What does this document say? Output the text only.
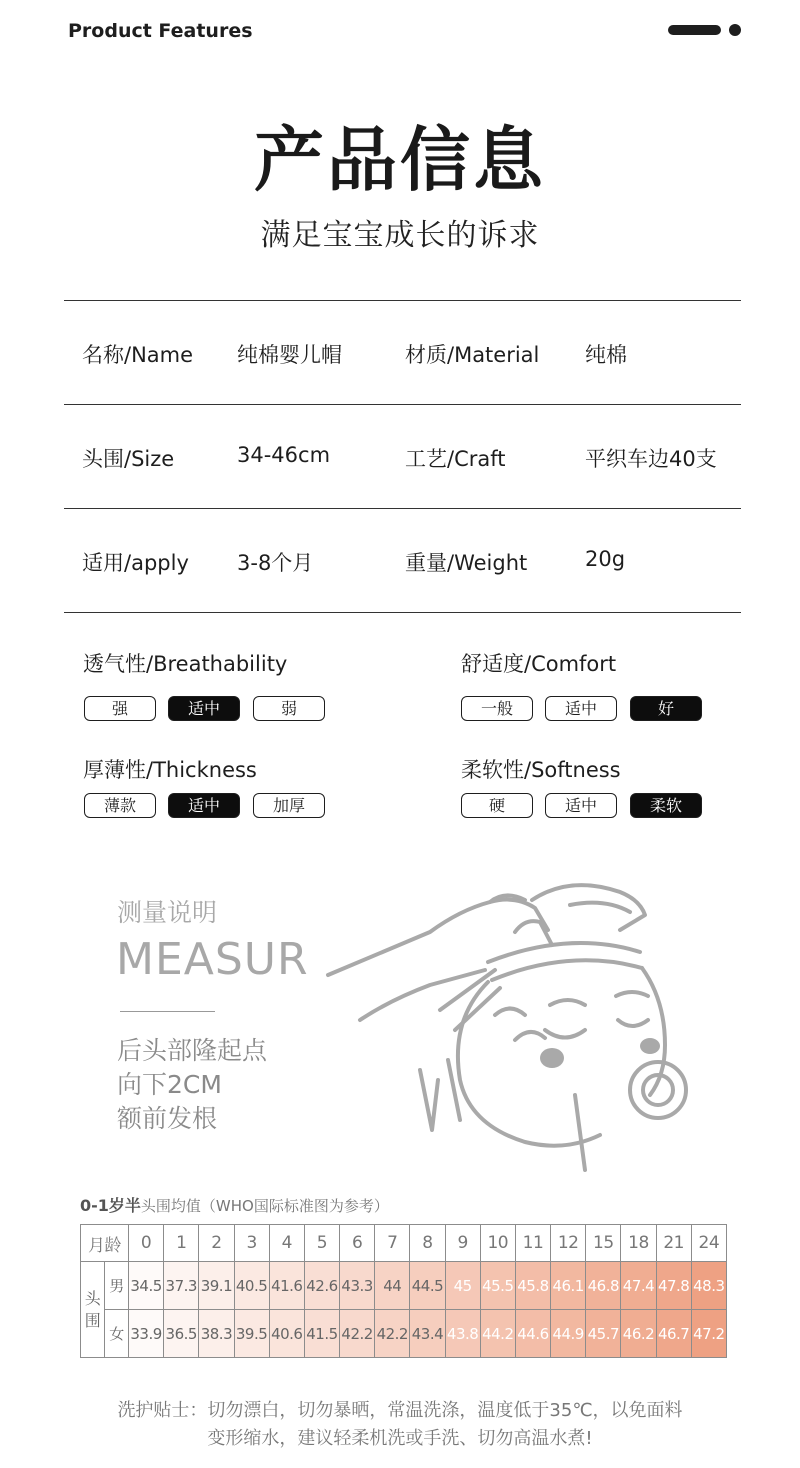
Product Features
产品信息
满足宝宝成长的诉求
名称/Name 纯棉婴儿帽	材质/Material 纯棉
头围/Size	34-46cm	工艺/Craft	平织车边40支
适用/apply 3-8个月	重量/Weight	20g
透气性/Breathability
强	适中	弱
舒适度/Comfort
一般	适中	好
厚薄性/Thickness
薄款	适中	加厚
柔软性/Softness
硬	适中	柔软
测量说明
MEASUR
后头部隆起点
向下2CM
额前发根
0-1岁半头围均值（WHO国际标准图为参考）
月龄		0	1	2	3	4	5	6	7	8	9	10	11	12	15	18	21	24
头围	男	34.5	37.3	39.1	40.5	41.6	42.6	43.3	44	44.5	45	45.5	45.8	46.1	46.8	47.4	47.8	48.3
	女	33.9	36.5	38.3	39.5	40.6	41.5	42.2	42.2	43.4	43.8	44.2	44.6	44.9	45.7	46.2	46.7	47.2
洗护贴士：切勿漂白，切勿暴晒，常温洗涤，温度低于35℃，以免面料
变形缩水，建议轻柔机洗或手洗、切勿高温水煮!
